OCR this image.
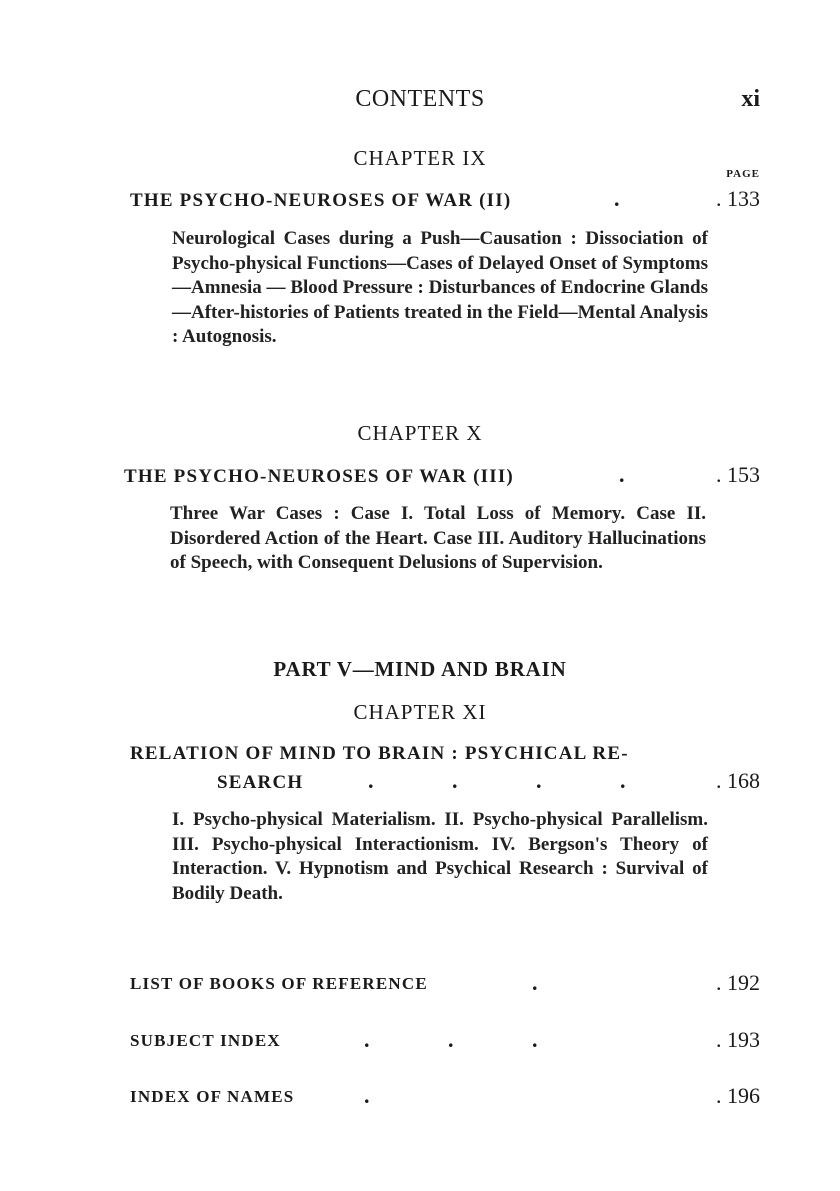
CONTENTS	xi
CHAPTER IX
PAGE
THE PSYCHO-NEUROSES OF WAR (II)	.	. 133

Neurological Cases during a Push—Causation : Dissociation of Psycho-physical Functions—Cases of Delayed Onset of Symptoms—Amnesia — Blood Pressure : Disturbances of Endocrine Glands—After-histories of Patients treated in the Field—Mental Analysis : Autognosis.

CHAPTER X
THE PSYCHO-NEUROSES OF WAR (III)	.	. 153

Three War Cases : Case I. Total Loss of Memory. Case II. Disordered Action of the Heart. Case III. Auditory Hallucinations of Speech, with Consequent Delusions of Supervision.

PART V—MIND AND BRAIN
CHAPTER XI
RELATION OF MIND TO BRAIN : PSYCHICAL RE-
SEARCH	.	.	.	.	. 168

I. Psycho-physical Materialism. II. Psycho-physical Parallelism. III. Psycho-physical Interactionism. IV. Bergson's Theory of Interaction. V. Hypnotism and Psychical Research : Survival of Bodily Death.

LIST OF BOOKS OF REFERENCE	.	. 192
SUBJECT INDEX	.	.	.	. 193
INDEX OF NAMES	.	. 196
